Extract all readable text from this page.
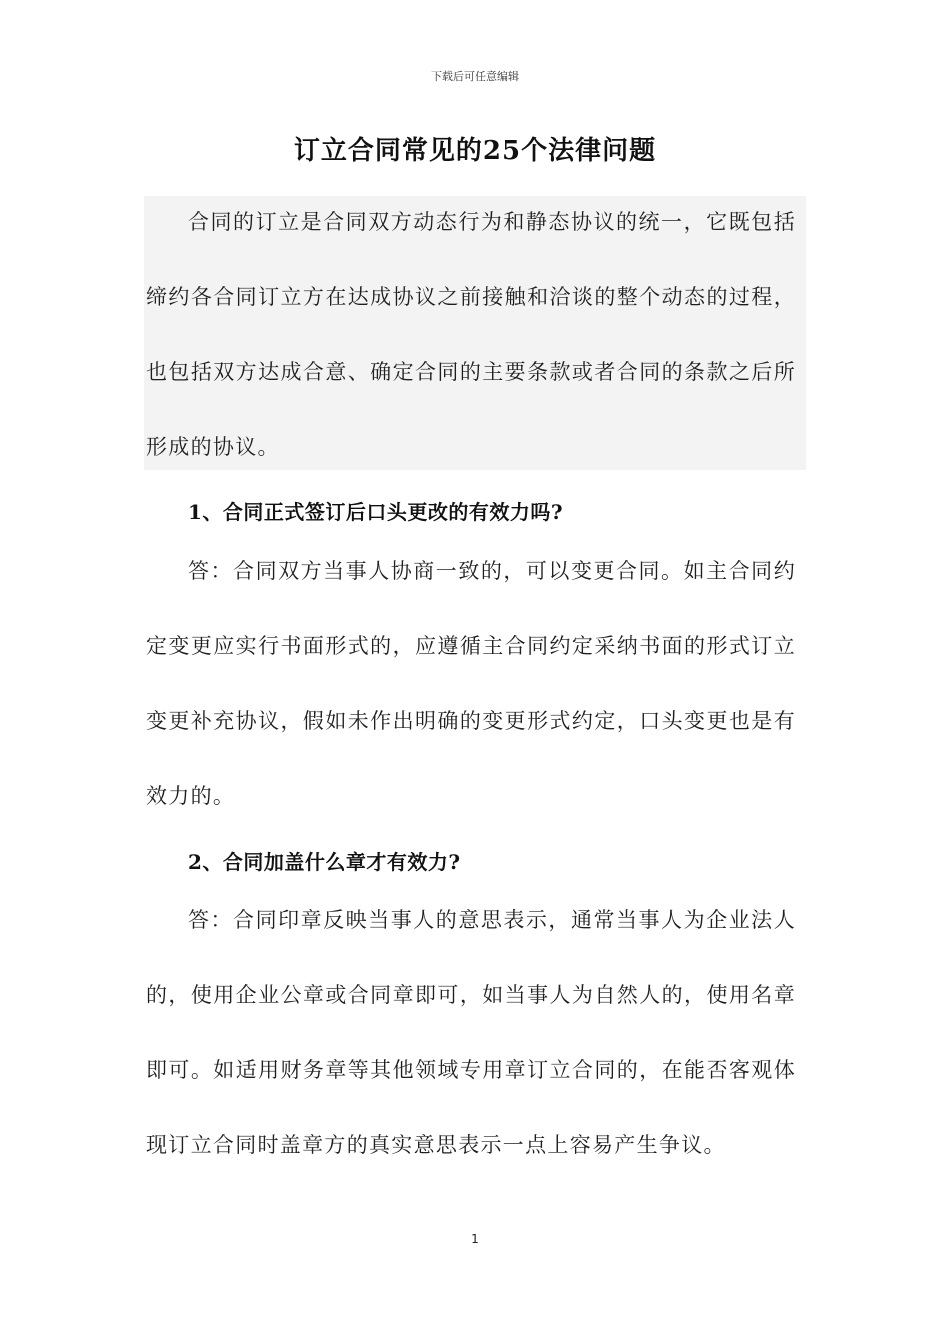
下载后可任意编辑
订立合同常见的25个法律问题
合同的订立是合同双方动态行为和静态协议的统一，它既包括
缔约各合同订立方在达成协议之前接触和洽谈的整个动态的过程，
也包括双方达成合意、确定合同的主要条款或者合同的条款之后所
形成的协议。
1、合同正式签订后口头更改的有效力吗?
答：合同双方当事人协商一致的，可以变更合同。如主合同约
定变更应实行书面形式的，应遵循主合同约定采纳书面的形式订立
变更补充协议，假如未作出明确的变更形式约定，口头变更也是有
效力的。
2、合同加盖什么章才有效力?
答：合同印章反映当事人的意思表示，通常当事人为企业法人
的，使用企业公章或合同章即可，如当事人为自然人的，使用名章
即可。如适用财务章等其他领域专用章订立合同的，在能否客观体
现订立合同时盖章方的真实意思表示一点上容易产生争议。
1
